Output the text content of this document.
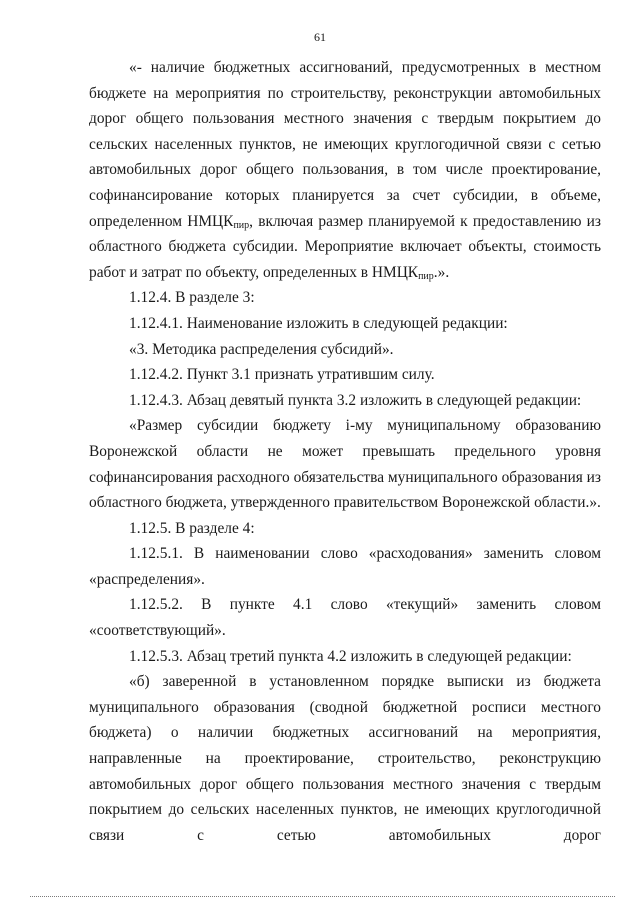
61

«- наличие бюджетных ассигнований, предусмотренных в местном бюджете на мероприятия по строительству, реконструкции автомобильных дорог общего пользования местного значения с твердым покрытием до сельских населенных пунктов, не имеющих круглогодичной связи с сетью автомобильных дорог общего пользования, в том числе проектирование, софинансирование которых планируется за счет субсидии, в объеме, определенном $НМЦК_{пир}$, включая размер планируемой к предоставлению из областного бюджета субсидии. Мероприятие включает объекты, стоимость работ и затрат по объекту, определенных в $НМЦК_{пир}$.».

1.12.4. В разделе 3:

1.12.4.1. Наименование изложить в следующей редакции:

«3. Методика распределения субсидий».

1.12.4.2. Пункт 3.1 признать утратившим силу.

1.12.4.3. Абзац девятый пункта 3.2 изложить в следующей редакции:

«Размер субсидии бюджету i-му муниципальному образованию Воронежской области не может превышать предельного уровня софинансирования расходного обязательства муниципального образования из областного бюджета, утвержденного правительством Воронежской области.».

1.12.5. В разделе 4:

1.12.5.1. В наименовании слово «расходования» заменить словом «распределения».

1.12.5.2. В пункте 4.1 слово «текущий» заменить словом «соответствующий».

1.12.5.3. Абзац третий пункта 4.2 изложить в следующей редакции:

«б) заверенной в установленном порядке выписки из бюджета муниципального образования (сводной бюджетной росписи местного бюджета) о наличии бюджетных ассигнований на мероприятия, направленные на проектирование, строительство, реконструкцию автомобильных дорог общего пользования местного значения с твердым покрытием до сельских населенных пунктов, не имеющих круглогодичной связи с сетью автомобильных дорог
